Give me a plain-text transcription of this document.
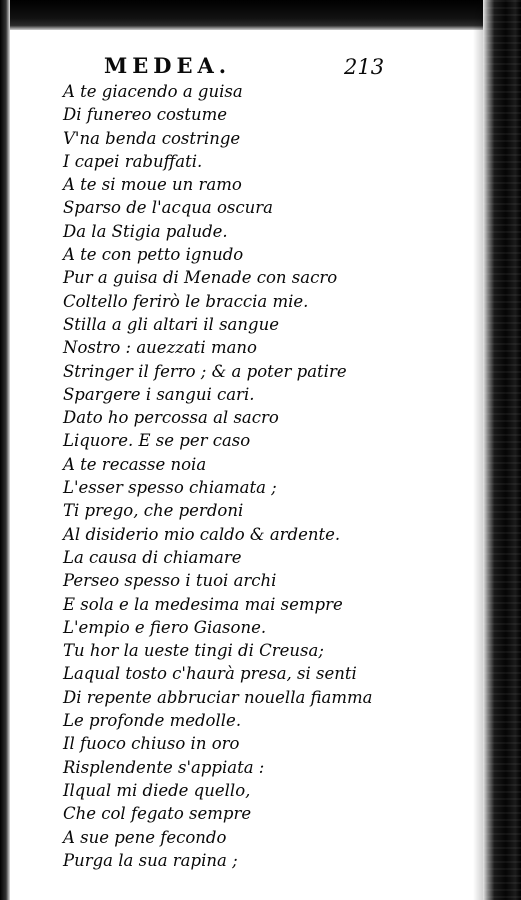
MEDEA.	213
A te giacendo a guisa
Di funereo costume
V'na benda costringe
I capei rabuffati.
A te si moue un ramo
Sparso de l'acqua oscura
Da la Stigia palude.
A te con petto ignudo
Pur a guisa di Menade con sacro
Coltello ferirò le braccia mie.
Stilla a gli altari il sangue
Nostro : auezzati mano
Stringer il ferro ; & a poter patire
Spargere i sangui cari.
Dato ho percossa al sacro
Liquore. E se per caso
A te recasse noia
L'esser spesso chiamata ;
Ti prego, che perdoni
Al disiderio mio caldo & ardente.
La causa di chiamare
Perseo spesso i tuoi archi
E sola e la medesima mai sempre
L'empio e fiero Giasone.
Tu hor la ueste tingi di Creusa;
Laqual tosto c'haurà presa, si senti
Di repente abbruciar nouella fiamma
Le profonde medolle.
Il fuoco chiuso in oro
Risplendente s'appiata :
Ilqual mi diede quello,
Che col fegato sempre
A sue pene fecondo
Purga la sua rapina ;
